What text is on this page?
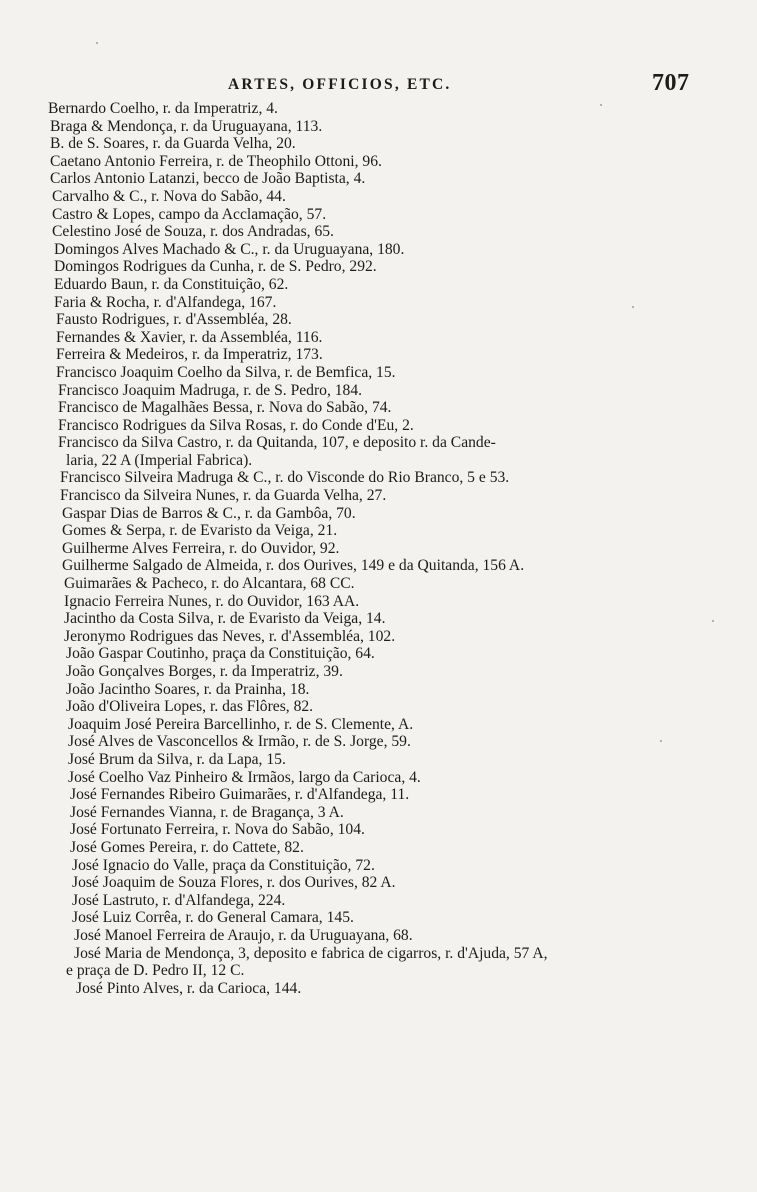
ARTES, OFFICIOS, ETC.	707
Bernardo Coelho, r. da Imperatriz, 4.
Braga & Mendonça, r. da Uruguayana, 113.
B. de S. Soares, r. da Guarda Velha, 20.
Caetano Antonio Ferreira, r. de Theophilo Ottoni, 96.
Carlos Antonio Latanzi, becco de João Baptista, 4.
Carvalho & C., r. Nova do Sabão, 44.
Castro & Lopes, campo da Acclamação, 57.
Celestino José de Souza, r. dos Andradas, 65.
Domingos Alves Machado & C., r. da Uruguayana, 180.
Domingos Rodrigues da Cunha, r. de S. Pedro, 292.
Eduardo Baun, r. da Constituição, 62.
Faria & Rocha, r. d'Alfandega, 167.
Fausto Rodrigues, r. d'Assembléa, 28.
Fernandes & Xavier, r. da Assembléa, 116.
Ferreira & Medeiros, r. da Imperatriz, 173.
Francisco Joaquim Coelho da Silva, r. de Bemfica, 15.
Francisco Joaquim Madruga, r. de S. Pedro, 184.
Francisco de Magalhães Bessa, r. Nova do Sabão, 74.
Francisco Rodrigues da Silva Rosas, r. do Conde d'Eu, 2.
Francisco da Silva Castro, r. da Quitanda, 107, e deposito r. da Cande-
laria, 22 A (Imperial Fabrica).
Francisco Silveira Madruga & C., r. do Visconde do Rio Branco, 5 e 53.
Francisco da Silveira Nunes, r. da Guarda Velha, 27.
Gaspar Dias de Barros & C., r. da Gambôa, 70.
Gomes & Serpa, r. de Evaristo da Veiga, 21.
Guilherme Alves Ferreira, r. do Ouvidor, 92.
Guilherme Salgado de Almeida, r. dos Ourives, 149 e da Quitanda, 156 A.
Guimarães & Pacheco, r. do Alcantara, 68 CC.
Ignacio Ferreira Nunes, r. do Ouvidor, 163 AA.
Jacintho da Costa Silva, r. de Evaristo da Veiga, 14.
Jeronymo Rodrigues das Neves, r. d'Assembléa, 102.
João Gaspar Coutinho, praça da Constituição, 64.
João Gonçalves Borges, r. da Imperatriz, 39.
João Jacintho Soares, r. da Prainha, 18.
João d'Oliveira Lopes, r. das Flôres, 82.
Joaquim José Pereira Barcellinho, r. de S. Clemente, A.
José Alves de Vasconcellos & Irmão, r. de S. Jorge, 59.
José Brum da Silva, r. da Lapa, 15.
José Coelho Vaz Pinheiro & Irmãos, largo da Carioca, 4.
José Fernandes Ribeiro Guimarães, r. d'Alfandega, 11.
José Fernandes Vianna, r. de Bragança, 3 A.
José Fortunato Ferreira, r. Nova do Sabão, 104.
José Gomes Pereira, r. do Cattete, 82.
José Ignacio do Valle, praça da Constituição, 72.
José Joaquim de Souza Flores, r. dos Ourives, 82 A.
José Lastruto, r. d'Alfandega, 224.
José Luiz Corrêa, r. do General Camara, 145.
José Manoel Ferreira de Araujo, r. da Uruguayana, 68.
José Maria de Mendonça, 3, deposito e fabrica de cigarros, r. d'Ajuda, 57 A,
e praça de D. Pedro II, 12 C.
José Pinto Alves, r. da Carioca, 144.
